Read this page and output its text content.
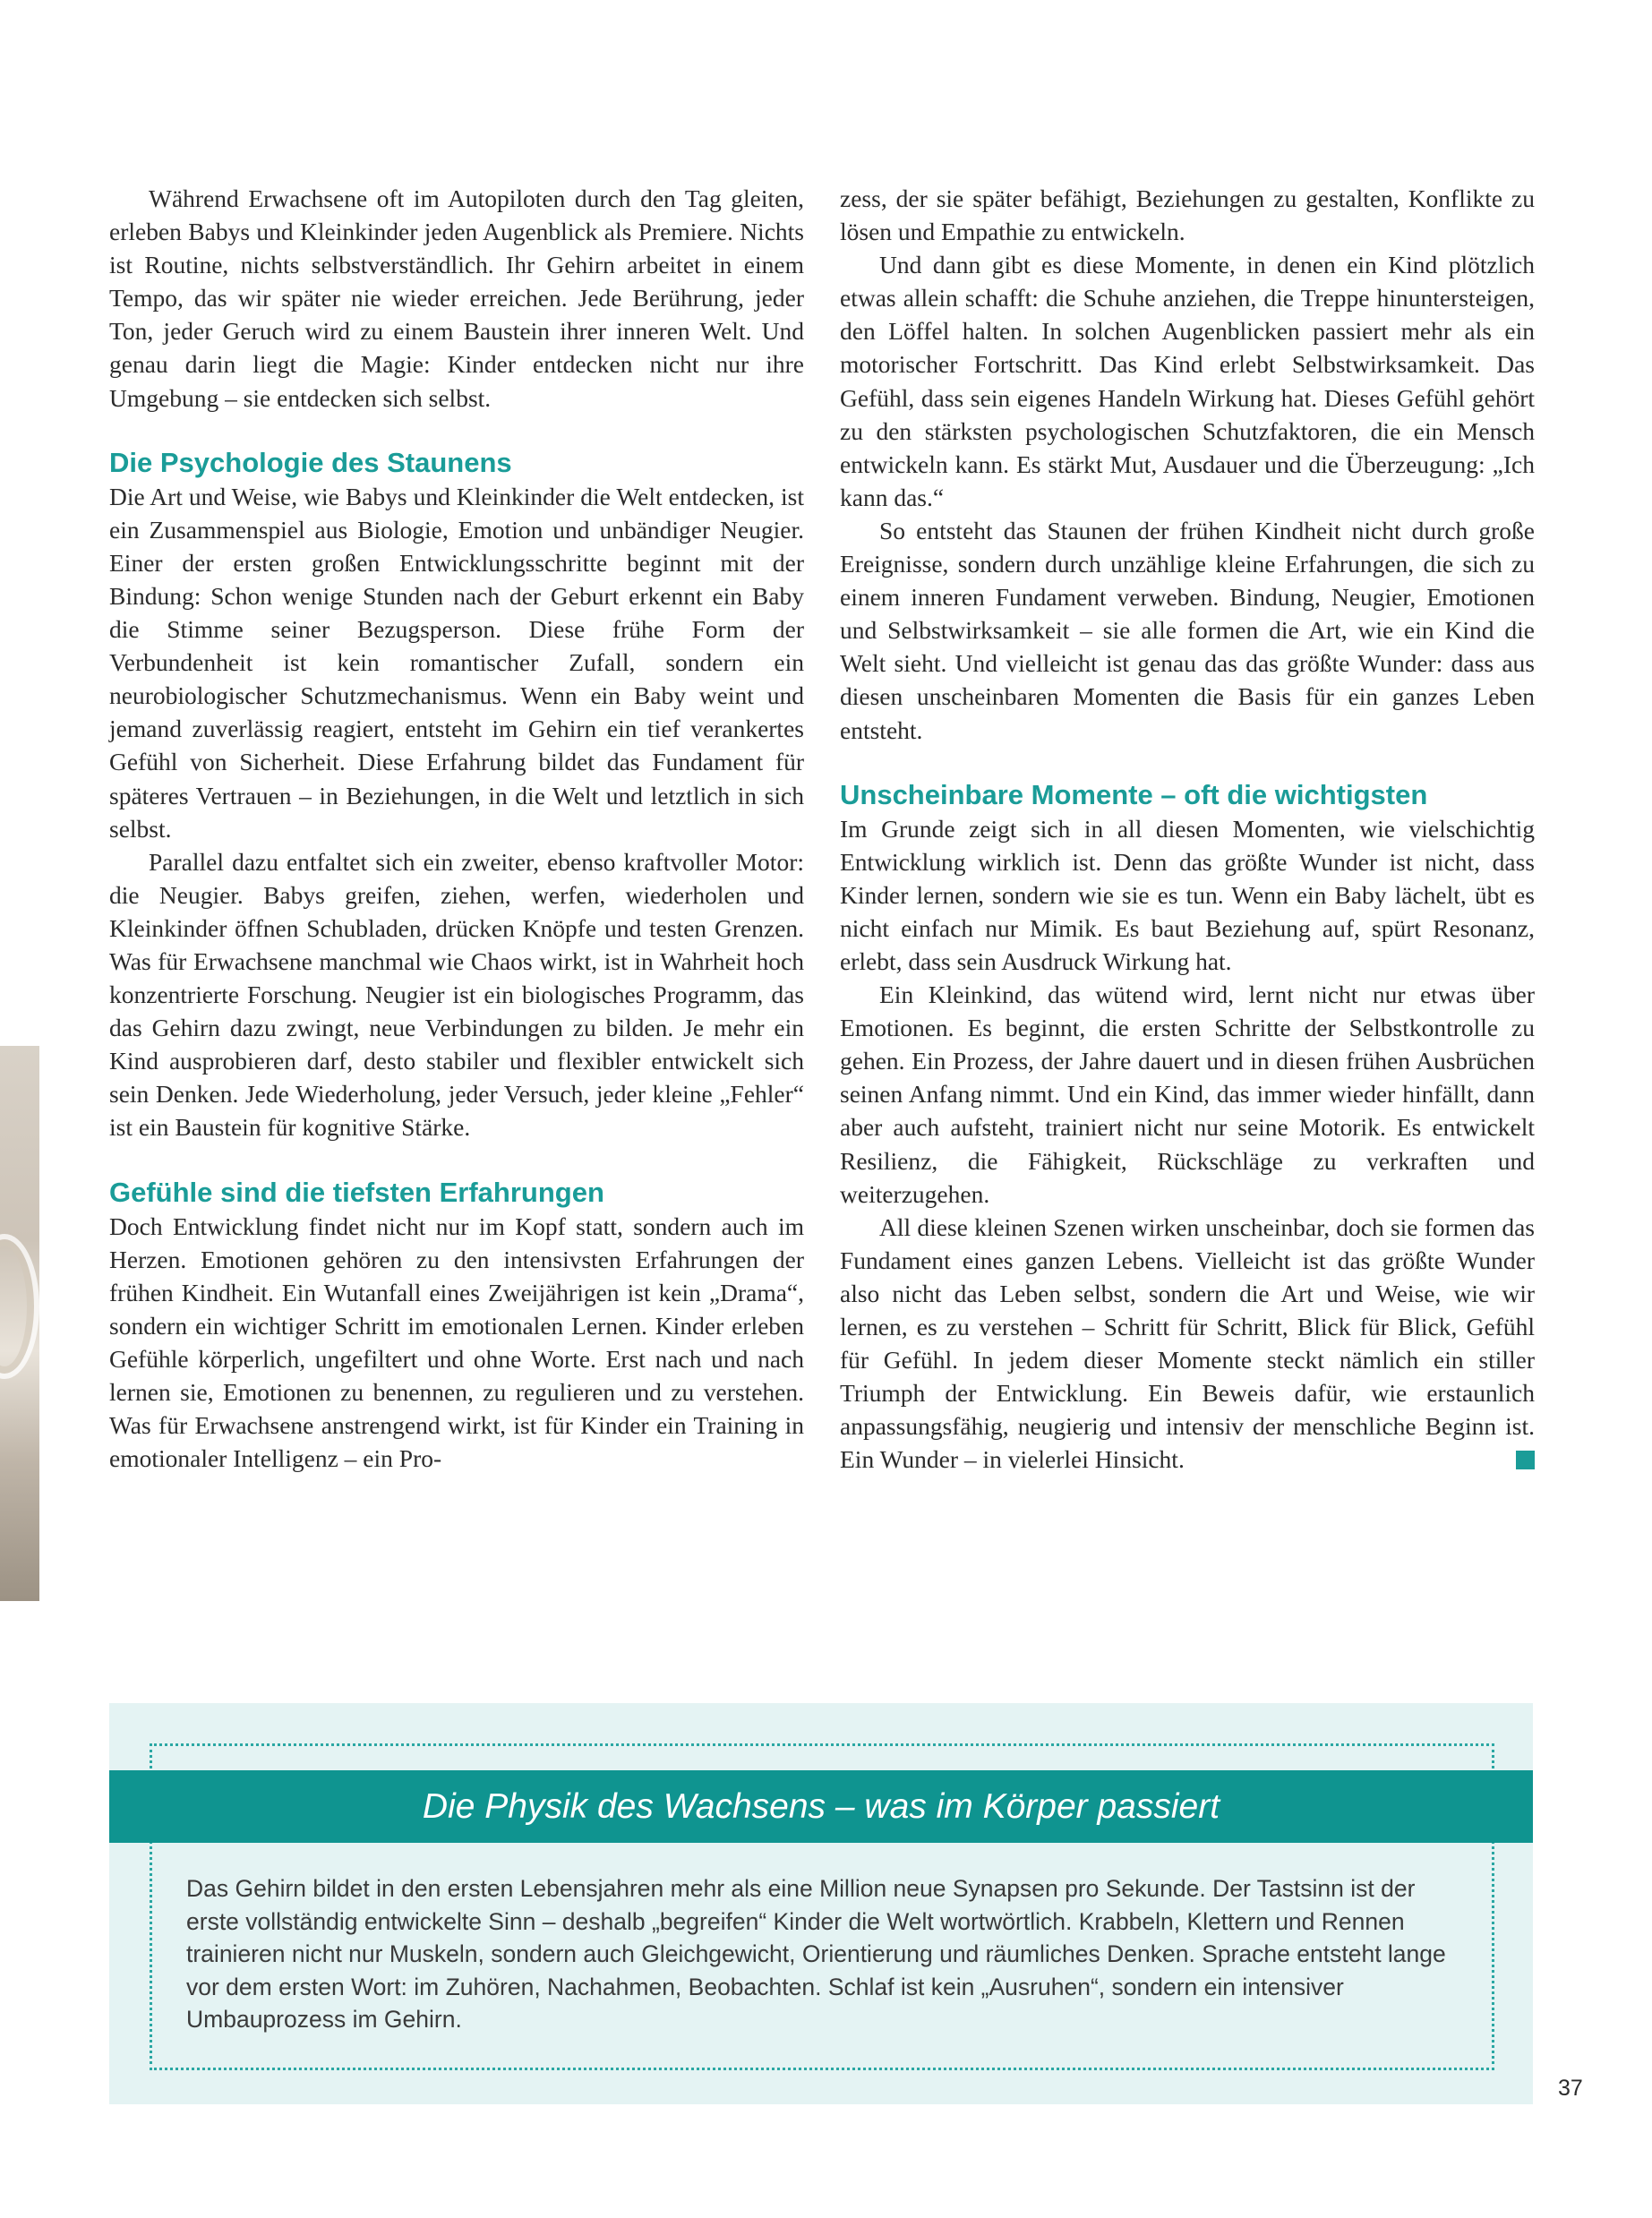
Während Erwachsene oft im Autopiloten durch den Tag gleiten, erleben Babys und Kleinkinder jeden Augenblick als Premiere. Nichts ist Routine, nichts selbstverständlich. Ihr Gehirn arbeitet in einem Tempo, das wir später nie wieder erreichen. Jede Berührung, jeder Ton, jeder Geruch wird zu einem Baustein ihrer inneren Welt. Und genau darin liegt die Magie: Kinder entdecken nicht nur ihre Umgebung – sie entdecken sich selbst.

Die Psychologie des Staunens

Die Art und Weise, wie Babys und Kleinkinder die Welt entdecken, ist ein Zusammenspiel aus Biologie, Emotion und unbändiger Neugier. Einer der ersten großen Entwicklungsschritte beginnt mit der Bindung: Schon wenige Stunden nach der Geburt erkennt ein Baby die Stimme seiner Bezugsperson. Diese frühe Form der Verbundenheit ist kein romantischer Zufall, sondern ein neurobiologischer Schutzmechanismus. Wenn ein Baby weint und jemand zuverlässig reagiert, entsteht im Gehirn ein tief verankertes Gefühl von Sicherheit. Diese Erfahrung bildet das Fundament für späteres Vertrauen – in Beziehungen, in die Welt und letztlich in sich selbst.

Parallel dazu entfaltet sich ein zweiter, ebenso kraftvoller Motor: die Neugier. Babys greifen, ziehen, werfen, wiederholen und Kleinkinder öffnen Schubladen, drücken Knöpfe und testen Grenzen. Was für Erwachsene manchmal wie Chaos wirkt, ist in Wahrheit hoch konzentrierte Forschung. Neugier ist ein biologisches Programm, das das Gehirn dazu zwingt, neue Verbindungen zu bilden. Je mehr ein Kind ausprobieren darf, desto stabiler und flexibler entwickelt sich sein Denken. Jede Wiederholung, jeder Versuch, jeder kleine „Fehler“ ist ein Baustein für kognitive Stärke.

Gefühle sind die tiefsten Erfahrungen

Doch Entwicklung findet nicht nur im Kopf statt, sondern auch im Herzen. Emotionen gehören zu den intensivsten Erfahrungen der frühen Kindheit. Ein Wutanfall eines Zweijährigen ist kein „Drama“, sondern ein wichtiger Schritt im emotionalen Lernen. Kinder erleben Gefühle körperlich, ungefiltert und ohne Worte. Erst nach und nach lernen sie, Emotionen zu benennen, zu regulieren und zu verstehen. Was für Erwachsene anstrengend wirkt, ist für Kinder ein Training in emotionaler Intelligenz – ein Pro-

zess, der sie später befähigt, Beziehungen zu gestalten, Konflikte zu lösen und Empathie zu entwickeln.

Und dann gibt es diese Momente, in denen ein Kind plötzlich etwas allein schafft: die Schuhe anziehen, die Treppe hinuntersteigen, den Löffel halten. In solchen Augenblicken passiert mehr als ein motorischer Fortschritt. Das Kind erlebt Selbstwirksamkeit. Das Gefühl, dass sein eigenes Handeln Wirkung hat. Dieses Gefühl gehört zu den stärksten psychologischen Schutzfaktoren, die ein Mensch entwickeln kann. Es stärkt Mut, Ausdauer und die Überzeugung: „Ich kann das.“

So entsteht das Staunen der frühen Kindheit nicht durch große Ereignisse, sondern durch unzählige kleine Erfahrungen, die sich zu einem inneren Fundament verweben. Bindung, Neugier, Emotionen und Selbstwirksamkeit – sie alle formen die Art, wie ein Kind die Welt sieht. Und vielleicht ist genau das das größte Wunder: dass aus diesen unscheinbaren Momenten die Basis für ein ganzes Leben entsteht.

Unscheinbare Momente – oft die wichtigsten

Im Grunde zeigt sich in all diesen Momenten, wie vielschichtig Entwicklung wirklich ist. Denn das größte Wunder ist nicht, dass Kinder lernen, sondern wie sie es tun. Wenn ein Baby lächelt, übt es nicht einfach nur Mimik. Es baut Beziehung auf, spürt Resonanz, erlebt, dass sein Ausdruck Wirkung hat.

Ein Kleinkind, das wütend wird, lernt nicht nur etwas über Emotionen. Es beginnt, die ersten Schritte der Selbstkontrolle zu gehen. Ein Prozess, der Jahre dauert und in diesen frühen Ausbrüchen seinen Anfang nimmt. Und ein Kind, das immer wieder hinfällt, dann aber auch aufsteht, trainiert nicht nur seine Motorik. Es entwickelt Resilienz, die Fähigkeit, Rückschläge zu verkraften und weiterzugehen.

All diese kleinen Szenen wirken unscheinbar, doch sie formen das Fundament eines ganzen Lebens. Vielleicht ist das größte Wunder also nicht das Leben selbst, sondern die Art und Weise, wie wir lernen, es zu verstehen – Schritt für Schritt, Blick für Blick, Gefühl für Gefühl. In jedem dieser Momente steckt nämlich ein stiller Triumph der Entwicklung. Ein Beweis dafür, wie erstaunlich anpassungsfähig, neugierig und intensiv der menschliche Beginn ist. Ein Wunder – in vielerlei Hinsicht.

Die Physik des Wachsens – was im Körper passiert
Das Gehirn bildet in den ersten Lebensjahren mehr als eine Million neue Synapsen pro Sekunde. Der Tastsinn ist der erste vollständig entwickelte Sinn – deshalb „begreifen“ Kinder die Welt wortwörtlich. Krabbeln, Klettern und Rennen trainieren nicht nur Muskeln, sondern auch Gleichgewicht, Orientierung und räumliches Denken. Sprache entsteht lange vor dem ersten Wort: im Zuhören, Nachahmen, Beobachten. Schlaf ist kein „Ausruhen“, sondern ein intensiver Umbauprozess im Gehirn.
37
